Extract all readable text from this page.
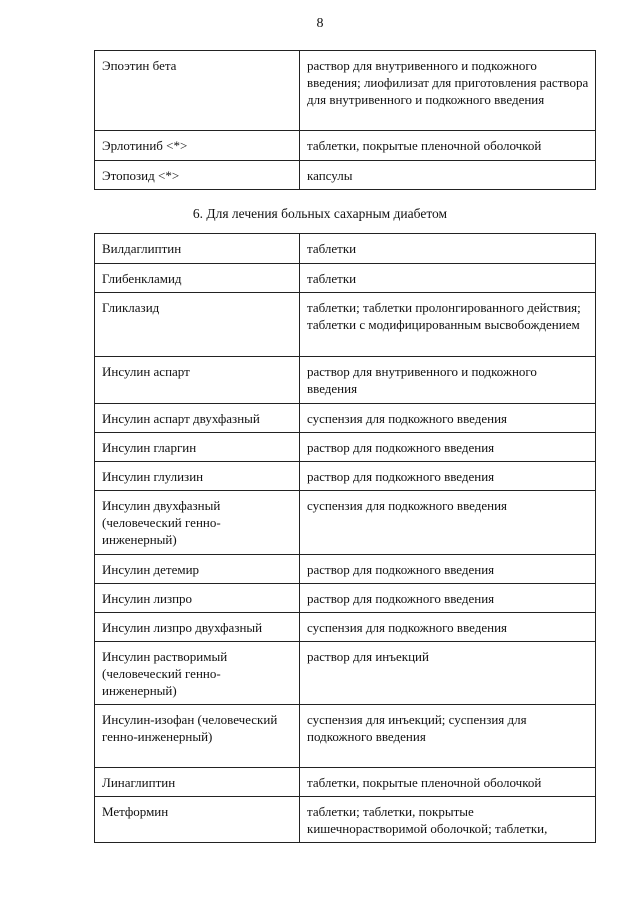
8
Эпоэтин бета	раствор для внутривенного и подкожного введения; лиофилизат для приготовления раствора для внутривенного и подкожного введения
Эрлотиниб <*>	таблетки, покрытые пленочной оболочкой
Этопозид <*>	капсулы
6. Для лечения больных сахарным диабетом
Вилдаглиптин	таблетки
Глибенкламид	таблетки
Гликлазид	таблетки; таблетки пролонгированного действия; таблетки с модифицированным высвобождением
Инсулин аспарт	раствор для внутривенного и подкожного введения
Инсулин аспарт двухфазный	суспензия для подкожного введения
Инсулин гларгин	раствор для подкожного введения
Инсулин глулизин	раствор для подкожного введения
Инсулин двухфазный (человеческий генно-инженерный)	суспензия для подкожного введения
Инсулин детемир	раствор для подкожного введения
Инсулин лизпро	раствор для подкожного введения
Инсулин лизпро двухфазный	суспензия для подкожного введения
Инсулин растворимый (человеческий генно-инженерный)	раствор для инъекций
Инсулин-изофан (человеческий генно-инженерный)	суспензия для инъекций; суспензия для подкожного введения
Линаглиптин	таблетки, покрытые пленочной оболочкой
Метформин	таблетки; таблетки, покрытые кишечнорастворимой оболочкой; таблетки,
